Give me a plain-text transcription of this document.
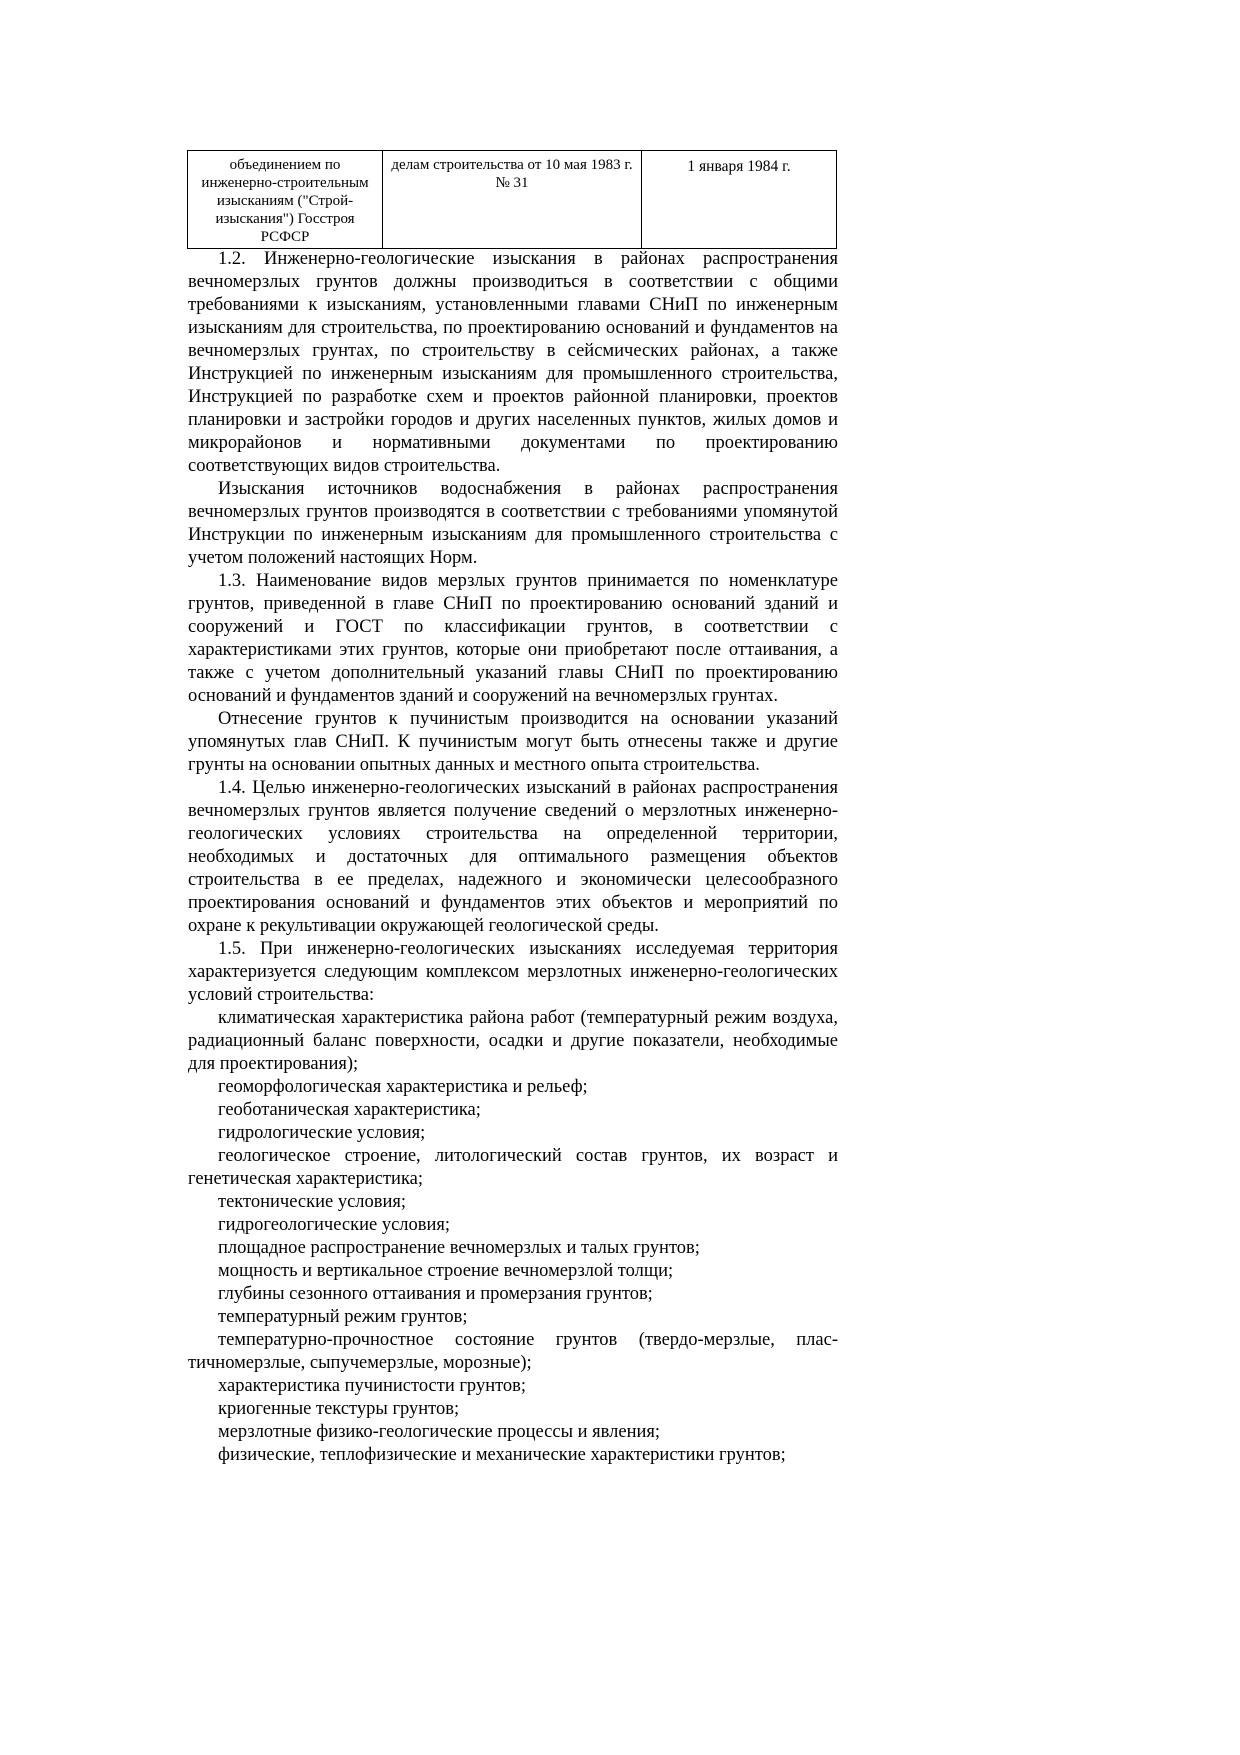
объединением по инженерно-строительным изысканиям ("Строй-изыскания") Госстроя РСФСР	делам строительства от 10 мая 1983 г. № 31	1 января 1984 г.

1.2. Инженерно-геологические изыскания в районах распространения вечномерзлых грунтов должны производиться в соответствии с общими требованиями к изысканиям, установленными главами СНиП по инженерным изысканиям для строительства, по проектированию оснований и фундаментов на вечномерзлых грунтах, по строительству в сейсмических районах, а также Инструкцией по инженерным изысканиям для промышленного строительства, Инструкцией по разработке схем и проектов районной планировки, проектов планировки и застройки городов и других населенных пунктов, жилых домов и микрорайонов и нормативными документами по проектированию соответствующих видов строительства.

Изыскания источников водоснабжения в районах распространения вечномерзлых грунтов производятся в соответствии с требованиями упомянутой Инструкции по инженерным изысканиям для промышленного строительства с учетом положений настоящих Норм.

1.3. Наименование видов мерзлых грунтов принимается по номенклатуре грунтов, приведенной в главе СНиП по проектированию оснований зданий и сооружений и ГОСТ по классификации грунтов, в соответствии с характеристиками этих грунтов, которые они приобретают после оттаивания, а также с учетом дополнительный указаний главы СНиП по проектированию оснований и фундаментов зданий и сооружений на вечномерзлых грунтах.

Отнесение грунтов к пучинистым производится на основании указаний упомянутых глав СНиП. К пучинистым могут быть отнесены также и другие грунты на основании опытных данных и местного опыта строительства.

1.4. Целью инженерно-геологических изысканий в районах распространения вечномерзлых грунтов является получение сведений о мерзлотных инженерно-геологических условиях строительства на определенной территории, необходимых и достаточных для оптимального размещения объектов строительства в ее пределах, надежного и экономически целесообразного проектирования оснований и фундаментов этих объектов и мероприятий по охране к рекультивации окружающей геологической среды.

1.5. При инженерно-геологических изысканиях исследуемая территория характеризуется следующим комплексом мерзлотных инженерно-геологических условий строительства:

климатическая характеристика района работ (температурный режим воздуха, радиационный баланс поверхности, осадки и другие показатели, необходимые для проектирования);

геоморфологическая характеристика и рельеф;

геоботаническая характеристика;

гидрологические условия;

геологическое строение, литологический состав грунтов, их возраст и генетическая характеристика;

тектонические условия;

гидрогеологические условия;

площадное распространение вечномерзлых и талых грунтов;

мощность и вертикальное строение вечномерзлой толщи;

глубины сезонного оттаивания и промерзания грунтов;

температурный режим грунтов;

температурно-прочностное состояние грунтов (твердо-мерзлые, пластичномерзлые, сыпучемерзлые, морозные);

характеристика пучинистости грунтов;

криогенные текстуры грунтов;

мерзлотные физико-геологические процессы и явления;

физические, теплофизические и механические характеристики грунтов;
